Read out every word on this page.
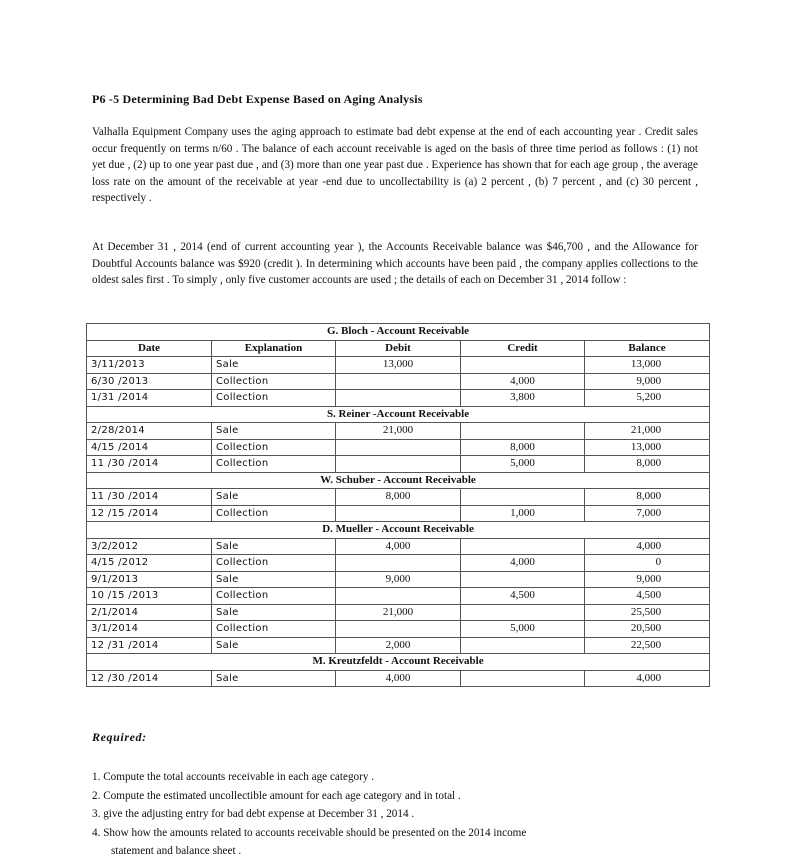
P6 -5 Determining Bad Debt Expense Based on Aging Analysis
Valhalla Equipment Company uses the aging approach to estimate bad debt expense at the end of each accounting year . Credit sales occur frequently on terms n/60 . The balance of each account receivable is aged on the basis of three time period as follows : (1) not yet due , (2) up to one year past due , and (3) more than one year past due . Experience has shown that for each age group , the average loss rate on the amount of the receivable at year -end due to uncollectability is (a) 2 percent , (b) 7 percent , and (c) 30 percent , respectively .
At December 31 , 2014 (end of current accounting year ), the Accounts Receivable balance was $46,700 , and the Allowance for Doubtful Accounts balance was $920 (credit ). In determining which accounts have been paid , the company applies collections to the oldest sales first . To simply , only five customer accounts are used ; the details of each on December 31 , 2014 follow :
G. Bloch - Account Receivable				
Date	Explanation	Debit	Credit	Balance
3/11/2013	Sale	13,000		13,000
6/30 /2013	Collection		4,000	9,000
1/31 /2014	Collection		3,800	5,200
S. Reiner -Account Receivable				
2/28/2014	Sale	21,000		21,000
4/15 /2014	Collection		8,000	13,000
11 /30 /2014	Collection		5,000	8,000
W. Schuber - Account Receivable				
11 /30 /2014	Sale	8,000		8,000
12 /15 /2014	Collection		1,000	7,000
D. Mueller - Account Receivable				
3/2/2012	Sale	4,000		4,000
4/15 /2012	Collection		4,000	0
9/1/2013	Sale	9,000		9,000
10 /15 /2013	Collection		4,500	4,500
2/1/2014	Sale	21,000		25,500
3/1/2014	Collection		5,000	20,500
12 /31 /2014	Sale	2,000		22,500
M. Kreutzfeldt - Account Receivable				
12 /30 /2014	Sale	4,000		4,000
Required:
1. Compute the total accounts receivable in each age category .
2. Compute the estimated uncollectible amount for each age category and in total .
3. give the adjusting entry for bad debt expense at December 31 , 2014 .
4. Show how the amounts related to accounts receivable should be presented on the 2014 income
statement and balance sheet .
